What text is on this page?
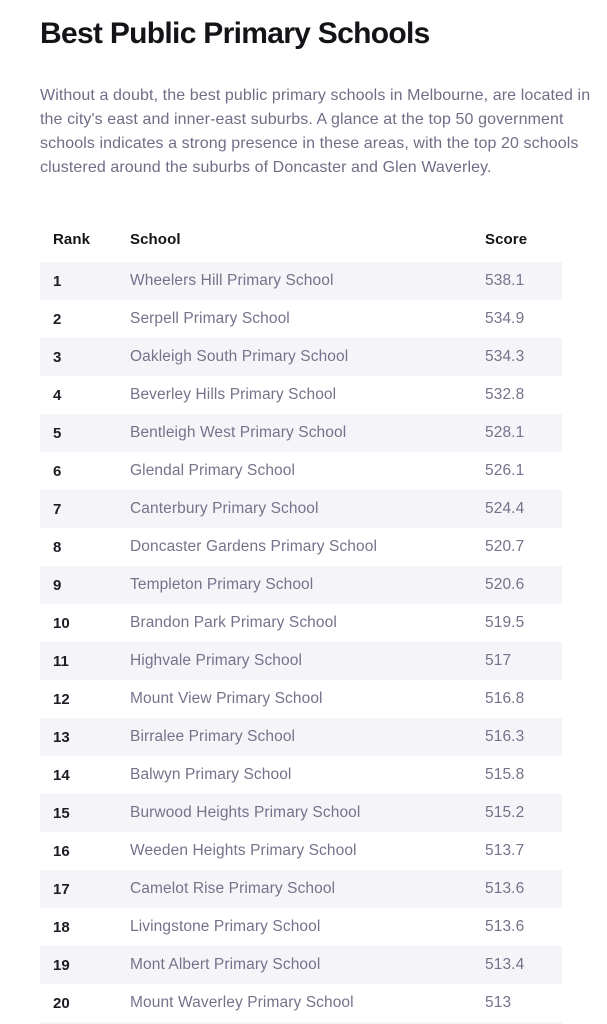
Best Public Primary Schools
Without a doubt, the best public primary schools in Melbourne, are located in
the city's east and inner-east suburbs. A glance at the top 50 government
schools indicates a strong presence in these areas, with the top 20 schools
clustered around the suburbs of Doncaster and Glen Waverley.
Rank	School	Score
1	Wheelers Hill Primary School	538.1
2	Serpell Primary School	534.9
3	Oakleigh South Primary School	534.3
4	Beverley Hills Primary School	532.8
5	Bentleigh West Primary School	528.1
6	Glendal Primary School	526.1
7	Canterbury Primary School	524.4
8	Doncaster Gardens Primary School	520.7
9	Templeton Primary School	520.6
10	Brandon Park Primary School	519.5
11	Highvale Primary School	517
12	Mount View Primary School	516.8
13	Birralee Primary School	516.3
14	Balwyn Primary School	515.8
15	Burwood Heights Primary School	515.2
16	Weeden Heights Primary School	513.7
17	Camelot Rise Primary School	513.6
18	Livingstone Primary School	513.6
19	Mont Albert Primary School	513.4
20	Mount Waverley Primary School	513
